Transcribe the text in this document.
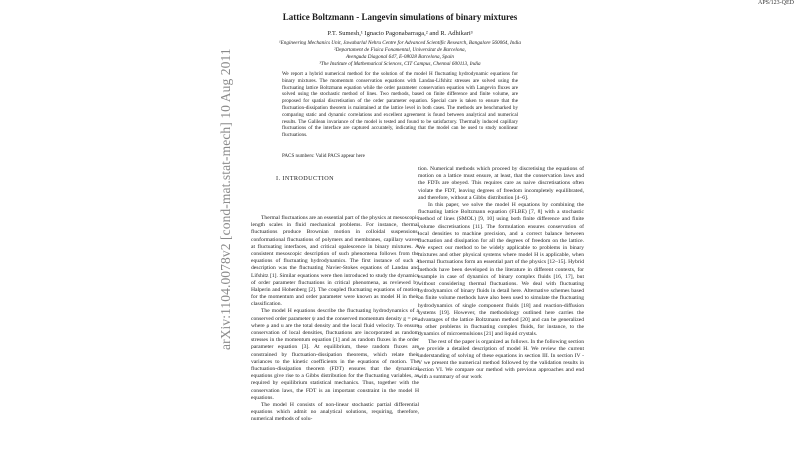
APS/123-QED
arXiv:1104.0078v2 [cond-mat.stat-mech] 10 Aug 2011
Lattice Boltzmann - Langevin simulations of binary mixtures
P.T. Sumesh,¹ Ignacio Pagonabarraga,² and R. Adhikari³
¹Engineering Mechanics Unit, Jawaharlal Nehru Centre for Advanced Scientific Research, Bangalore 560064, India
²Departament de Fisica Fonamental, Universitat de Barcelona,
Avenguda Diagonal 647, E-08028 Barcelona, Spain
³The Institute of Mathematical Sciences, CIT Campus, Chennai 600113, India

We report a hybrid numerical method for the solution of the model H fluctuating hydrodynamic equations for binary mixtures. The momentum conservation equations with Landau-Lifshitz stresses are solved using the fluctuating lattice Boltzmann equation while the order parameter conservation equation with Langevin fluxes are solved using the stochastic method of lines. Two methods, based on finite difference and finite volume, are proposed for spatial discretisation of the order parameter equation. Special care is taken to ensure that the fluctuation-dissipation theorem is maintained at the lattice level in both cases. The methods are benchmarked by comparing static and dynamic correlations and excellent agreement is found between analytical and numerical results. The Galilean invariance of the model is tested and found to be satisfactory. Thermally induced capillary fluctuations of the interface are captured accurately, indicating that the model can be used to study nonlinear fluctuations.

PACS numbers: Valid PACS appear here
I. INTRODUCTION

Thermal fluctuations are an essential part of the physics at mesoscopic length scales in fluid mechanical problems. For instance, thermal fluctuations produce Brownian motion in colloidal suspensions, conformational fluctuations of polymers and membranes, capillary waves at fluctuating interfaces, and critical opalescence in binary mixtures. A consistent mesoscopic description of such phenomena follows from the equations of fluctuating hydrodynamics. The first instance of such a description was the fluctuating Navier-Stokes equations of Landau and Lifshitz [1]. Similar equations were then introduced to study the dynamics of order parameter fluctuations in critical phenomena, as reviewed by Halperin and Hohenberg [2]. The coupled fluctuating equations of motion for the momentum and order parameter were known as model H in their classification.

The model H equations describe the fluctuating hydrodynamics of a conserved order parameter ψ and the conserved momentum density g = ρu, where ρ and u are the total density and the local fluid velocity. To ensure conservation of local densities, fluctuations are incorporated as random stresses in the momentum equation [1] and as random fluxes in the order parameter equation [3]. At equilibrium, these random fluxes are constrained by fluctuation-dissipation theorems, which relate their variances to the kinetic coefficients in the equations of motion. The fluctuation-dissipation theorem (FDT) ensures that the dynamical equations give rise to a Gibbs distribution for the fluctuating variables, as required by equilibrium statistical mechanics. Thus, together with the conservation laws, the FDT is an important constraint in the model H equations.

The model H consists of non-linear stochastic partial differential equations which admit no analytical solutions, requiring, therefore, numerical methods of solu-

tion. Numerical methods which proceed by discretising the equations of motion on a lattice must ensure, at least, that the conservation laws and the FDTs are obeyed. This requires care as naive discretisations often violate the FDT, leaving degrees of freedom incompletely equilibrated, and therefore, without a Gibbs distribution [4–6].

In this paper, we solve the model H equations by combining the fluctuating lattice Boltzmann equation (FLBE) [7, 8] with a stochastic method of lines (SMOL) [9, 10] using both finite difference and finite volume discretisations [11]. The formulation ensures conservation of local densities to machine precision, and a correct balance between fluctuation and dissipation for all the degrees of freedom on the lattice. We expect our method to be widely applicable to problems in binary mixtures and other physical systems where model H is applicable, when thermal fluctuations form an essential part of the physics [12–15]. Hybrid methods have been developed in the literature in different contexts, for example in case of dynamics of binary complex fluids [16, 17], but without considering thermal fluctuations. We deal with fluctuating hydrodynamics of binary fluids in detail here. Alternative schemes based on finite volume methods have also been used to simulate the fluctuating hydrodynamics of single component fluids [18] and reaction-diffusion systems [19]. However, the methodology outlined here carries the advantages of the lattice Boltzmann method [20] and can be generalized to other problems in fluctuating complex fluids, for instance, to the dynamics of microemulsions [21] and liquid crystals.

The rest of the paper is organized as follows. In the following section we provide a detailed description of model H. We review the current understanding of solving of these equations in section III. In section IV - V we present the numerical method followed by the validation results in section VI. We compare our method with previous approaches and end with a summary of our work
